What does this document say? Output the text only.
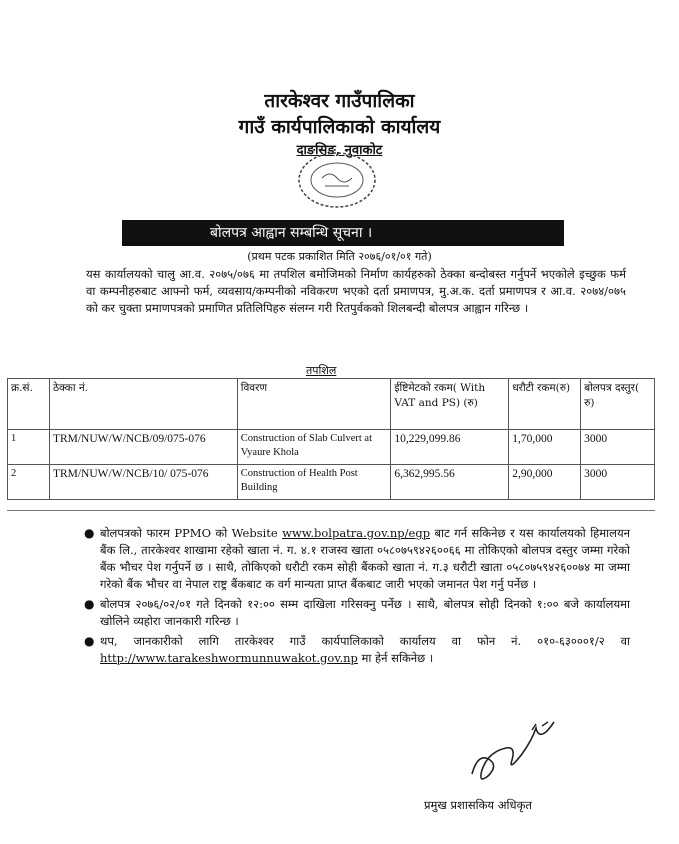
तारकेश्वर गाउँपालिका
गाउँ कार्यपालिकाको कार्यालय
दाङसिङ, नुवाकोट
बोलपत्र आह्वान सम्बन्धि सूचना ।
(प्रथम पटक प्रकाशित मिति २०७६/०१/०१ गते)
यस कार्यालयको चालु आ.व. २०७५/०७६ मा तपशिल बमोजिमको निर्माण कार्यहरुको ठेक्का बन्दोबस्त गर्नुपर्ने भएकोले इच्छुक फर्म वा कम्पनीहरुबाट आफ्नो फर्म, व्यवसाय/कम्पनीको नविकरण भएको दर्ता प्रमाणपत्र, मु.अ.क. दर्ता प्रमाणपत्र र आ.व. २०७४/०७५ को कर चुक्ता प्रमाणपत्रको प्रमाणित प्रतिलिपिहरु संलग्न गरी रितपुर्वकको शिलबन्दी बोलपत्र आह्वान गरिन्छ ।
तपशिल
क्र.सं.	ठेक्का नं.	विवरण	ईष्टिमेटको रकम( With VAT and PS) (रु)	धरौटी रकम(रु)	बोलपत्र दस्तुर( रु)
1	TRM/NUW/W/NCB/09/075-076	Construction of Slab Culvert at Vyaure Khola	10,229,099.86	1,70,000	3000
2	TRM/NUW/W/NCB/10/ 075-076	Construction of Health Post Building	6,362,995.56	2,90,000	3000
● बोलपत्रको फारम PPMO को Website www.bolpatra.gov.np/egp बाट गर्न सकिनेछ र यस कार्यालयको हिमालयन बैंक लि., तारकेश्वर शाखामा रहेको खाता नं. ग. ४.१ राजस्व खाता ०५८०७५९४२६००६६ मा तोकिएको बोलपत्र दस्तुर जम्मा गरेको बैंक भौचर पेश गर्नुपर्ने छ । साथै, तोकिएको धरौटी रकम सोही बैंकको खाता नं. ग.३ धरौटी खाता ०५८०७५९४२६००७४ मा जम्मा गरेको बैंक भौचर वा नेपाल राष्ट्र बैंकबाट क वर्ग मान्यता प्राप्त बैंकबाट जारी भएको जमानत पेश गर्नु पर्नेछ ।
● बोलपत्र २०७६/०२/०१ गते दिनको १२:०० सम्म दाखिला गरिसक्नु पर्नेछ । साथै, बोलपत्र सोही दिनको १:०० बजे कार्यालयमा खोलिने व्यहोरा जानकारी गरिन्छ ।
● थप, जानकारीको लागि तारकेश्वर गाउँ कार्यपालिकाको कार्यालय वा फोन नं. ०१०-६३०००१/२ वा http://www.tarakeshwormunnuwakot.gov.np मा हेर्न सकिनेछ ।
प्रमुख प्रशासकिय अधिकृत
